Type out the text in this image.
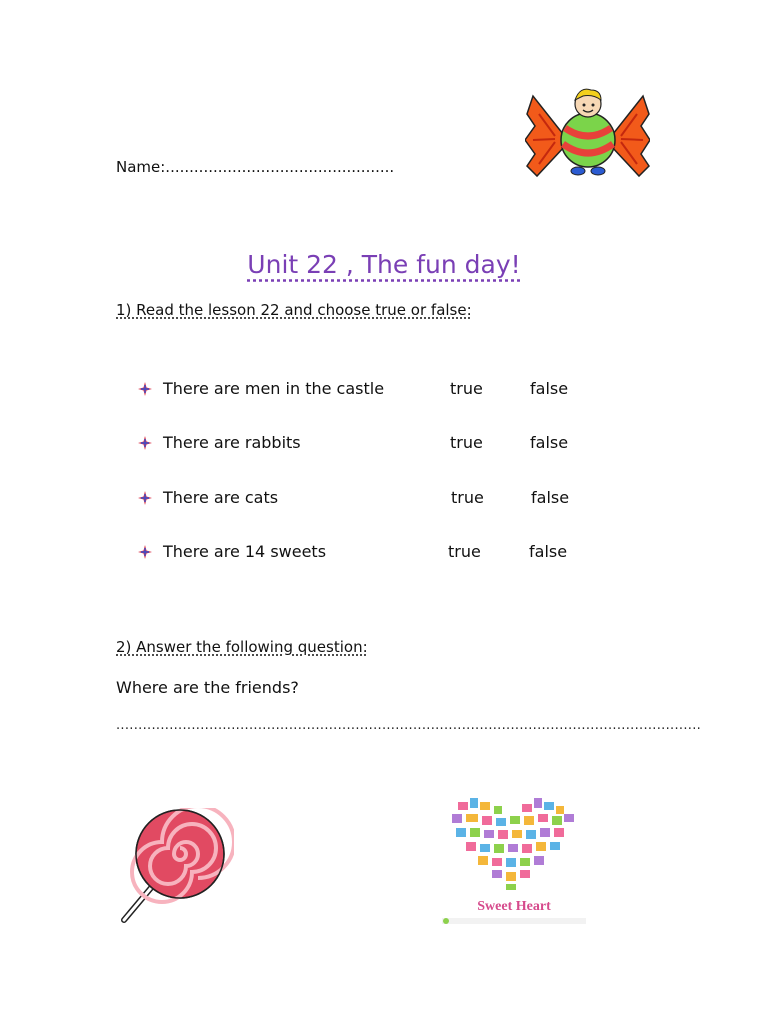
Name:................................................
Unit 22 , The fun day!
1) Read the lesson 22 and choose true or false:
There are men in the castle	true	false
There are rabbits	true	false
There are cats	true	false
There are 14 sweets	true	false
2) Answer the following question:
Where are the friends?
....................................................................................................................................
Sweet Heart
